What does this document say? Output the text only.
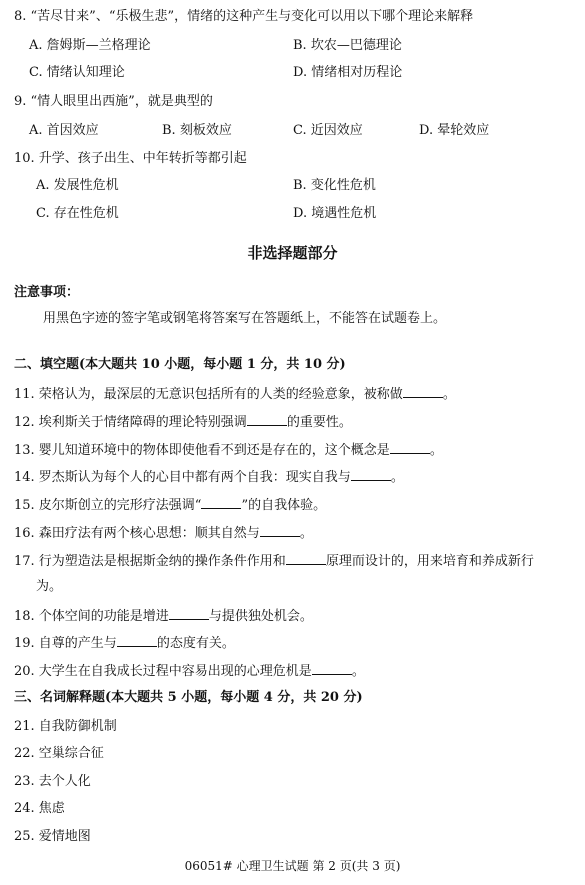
8. “苦尽甘来”、“乐极生悲”，情绪的这种产生与变化可以用以下哪个理论来解释
A. 詹姆斯—兰格理论	B. 坎农—巴德理论
C. 情绪认知理论	D. 情绪相对历程论
9. “情人眼里出西施”，就是典型的
A. 首因效应	B. 刻板效应	C. 近因效应	D. 晕轮效应
10. 升学、孩子出生、中年转折等都引起
A. 发展性危机	B. 变化性危机
C. 存在性危机	D. 境遇性危机
非选择题部分
注意事项：
用黑色字迹的签字笔或钢笔将答案写在答题纸上，不能答在试题卷上。
二、填空题(本大题共 10 小题，每小题 1 分，共 10 分)
11. 荣格认为，最深层的无意识包括所有的人类的经验意象，被称做	。
12. 埃利斯关于情绪障碍的理论特别强调	的重要性。
13. 婴儿知道环境中的物体即使他看不到还是存在的，这个概念是	。
14. 罗杰斯认为每个人的心目中都有两个自我：现实自我与	。
15. 皮尔斯创立的完形疗法强调“	”的自我体验。
16. 森田疗法有两个核心思想：顺其自然与	。
17. 行为塑造法是根据斯金纳的操作条件作用和	原理而设计的，用来培育和养成新行
为。
18. 个体空间的功能是增进	与提供独处机会。
19. 自尊的产生与	的态度有关。
20. 大学生在自我成长过程中容易出现的心理危机是	。
三、名词解释题(本大题共 5 小题，每小题 4 分，共 20 分)
21. 自我防御机制
22. 空巢综合征
23. 去个人化
24. 焦虑
25. 爱情地图
06051# 心理卫生试题 第 2 页(共 3 页)
